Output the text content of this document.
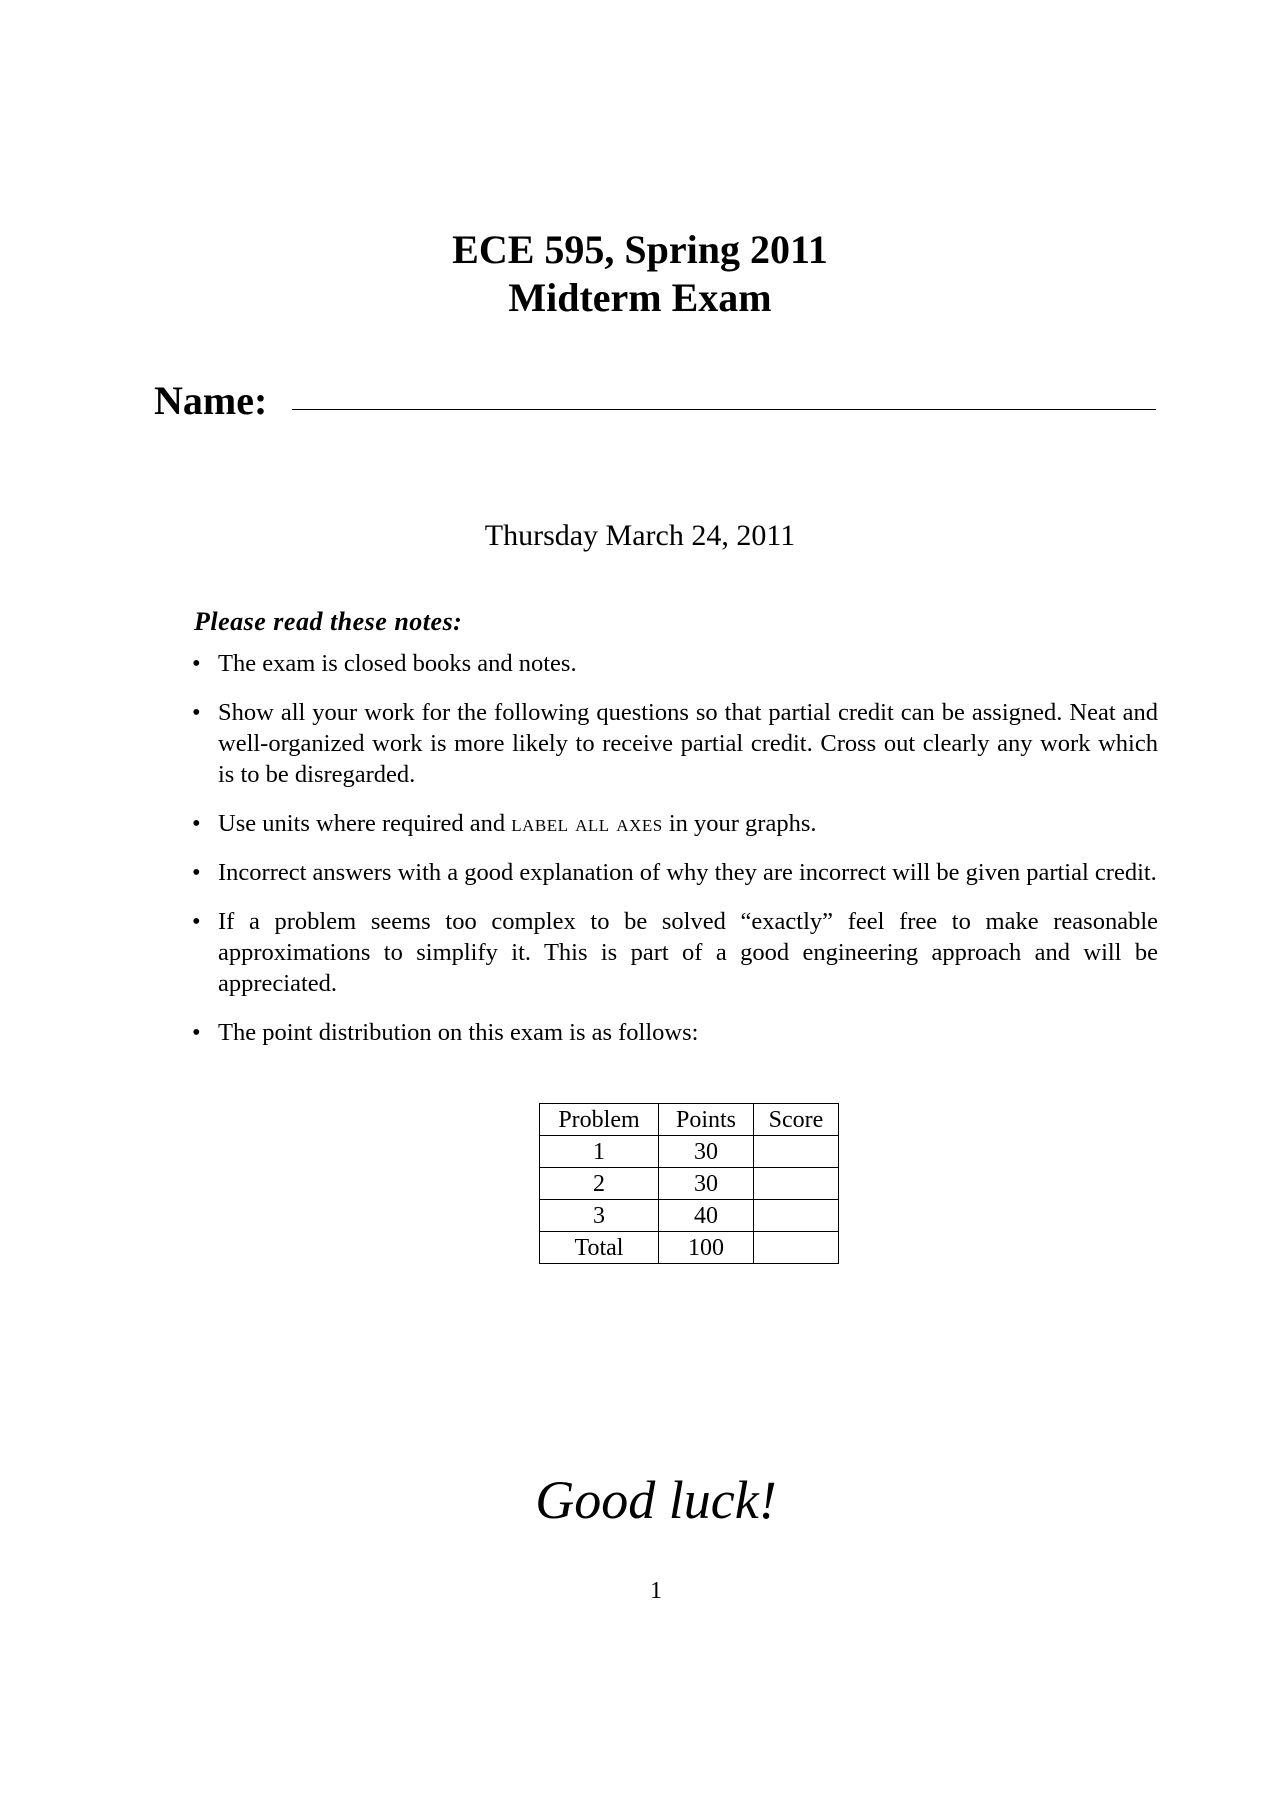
ECE 595, Spring 2011
Midterm Exam
Name:
Thursday March 24, 2011
Please read these notes:
• The exam is closed books and notes.
• Show all your work for the following questions so that partial credit can be assigned. Neat and well-organized work is more likely to receive partial credit. Cross out clearly any work which is to be disregarded.
• Use units where required and label all axes in your graphs.
• Incorrect answers with a good explanation of why they are incorrect will be given partial credit.
• If a problem seems too complex to be solved “exactly” feel free to make reasonable approximations to simplify it. This is part of a good engineering approach and will be appreciated.
• The point distribution on this exam is as follows:
Problem	Points	Score
1	30	
2	30	
3	40	
Total	100	
Good luck!
1
